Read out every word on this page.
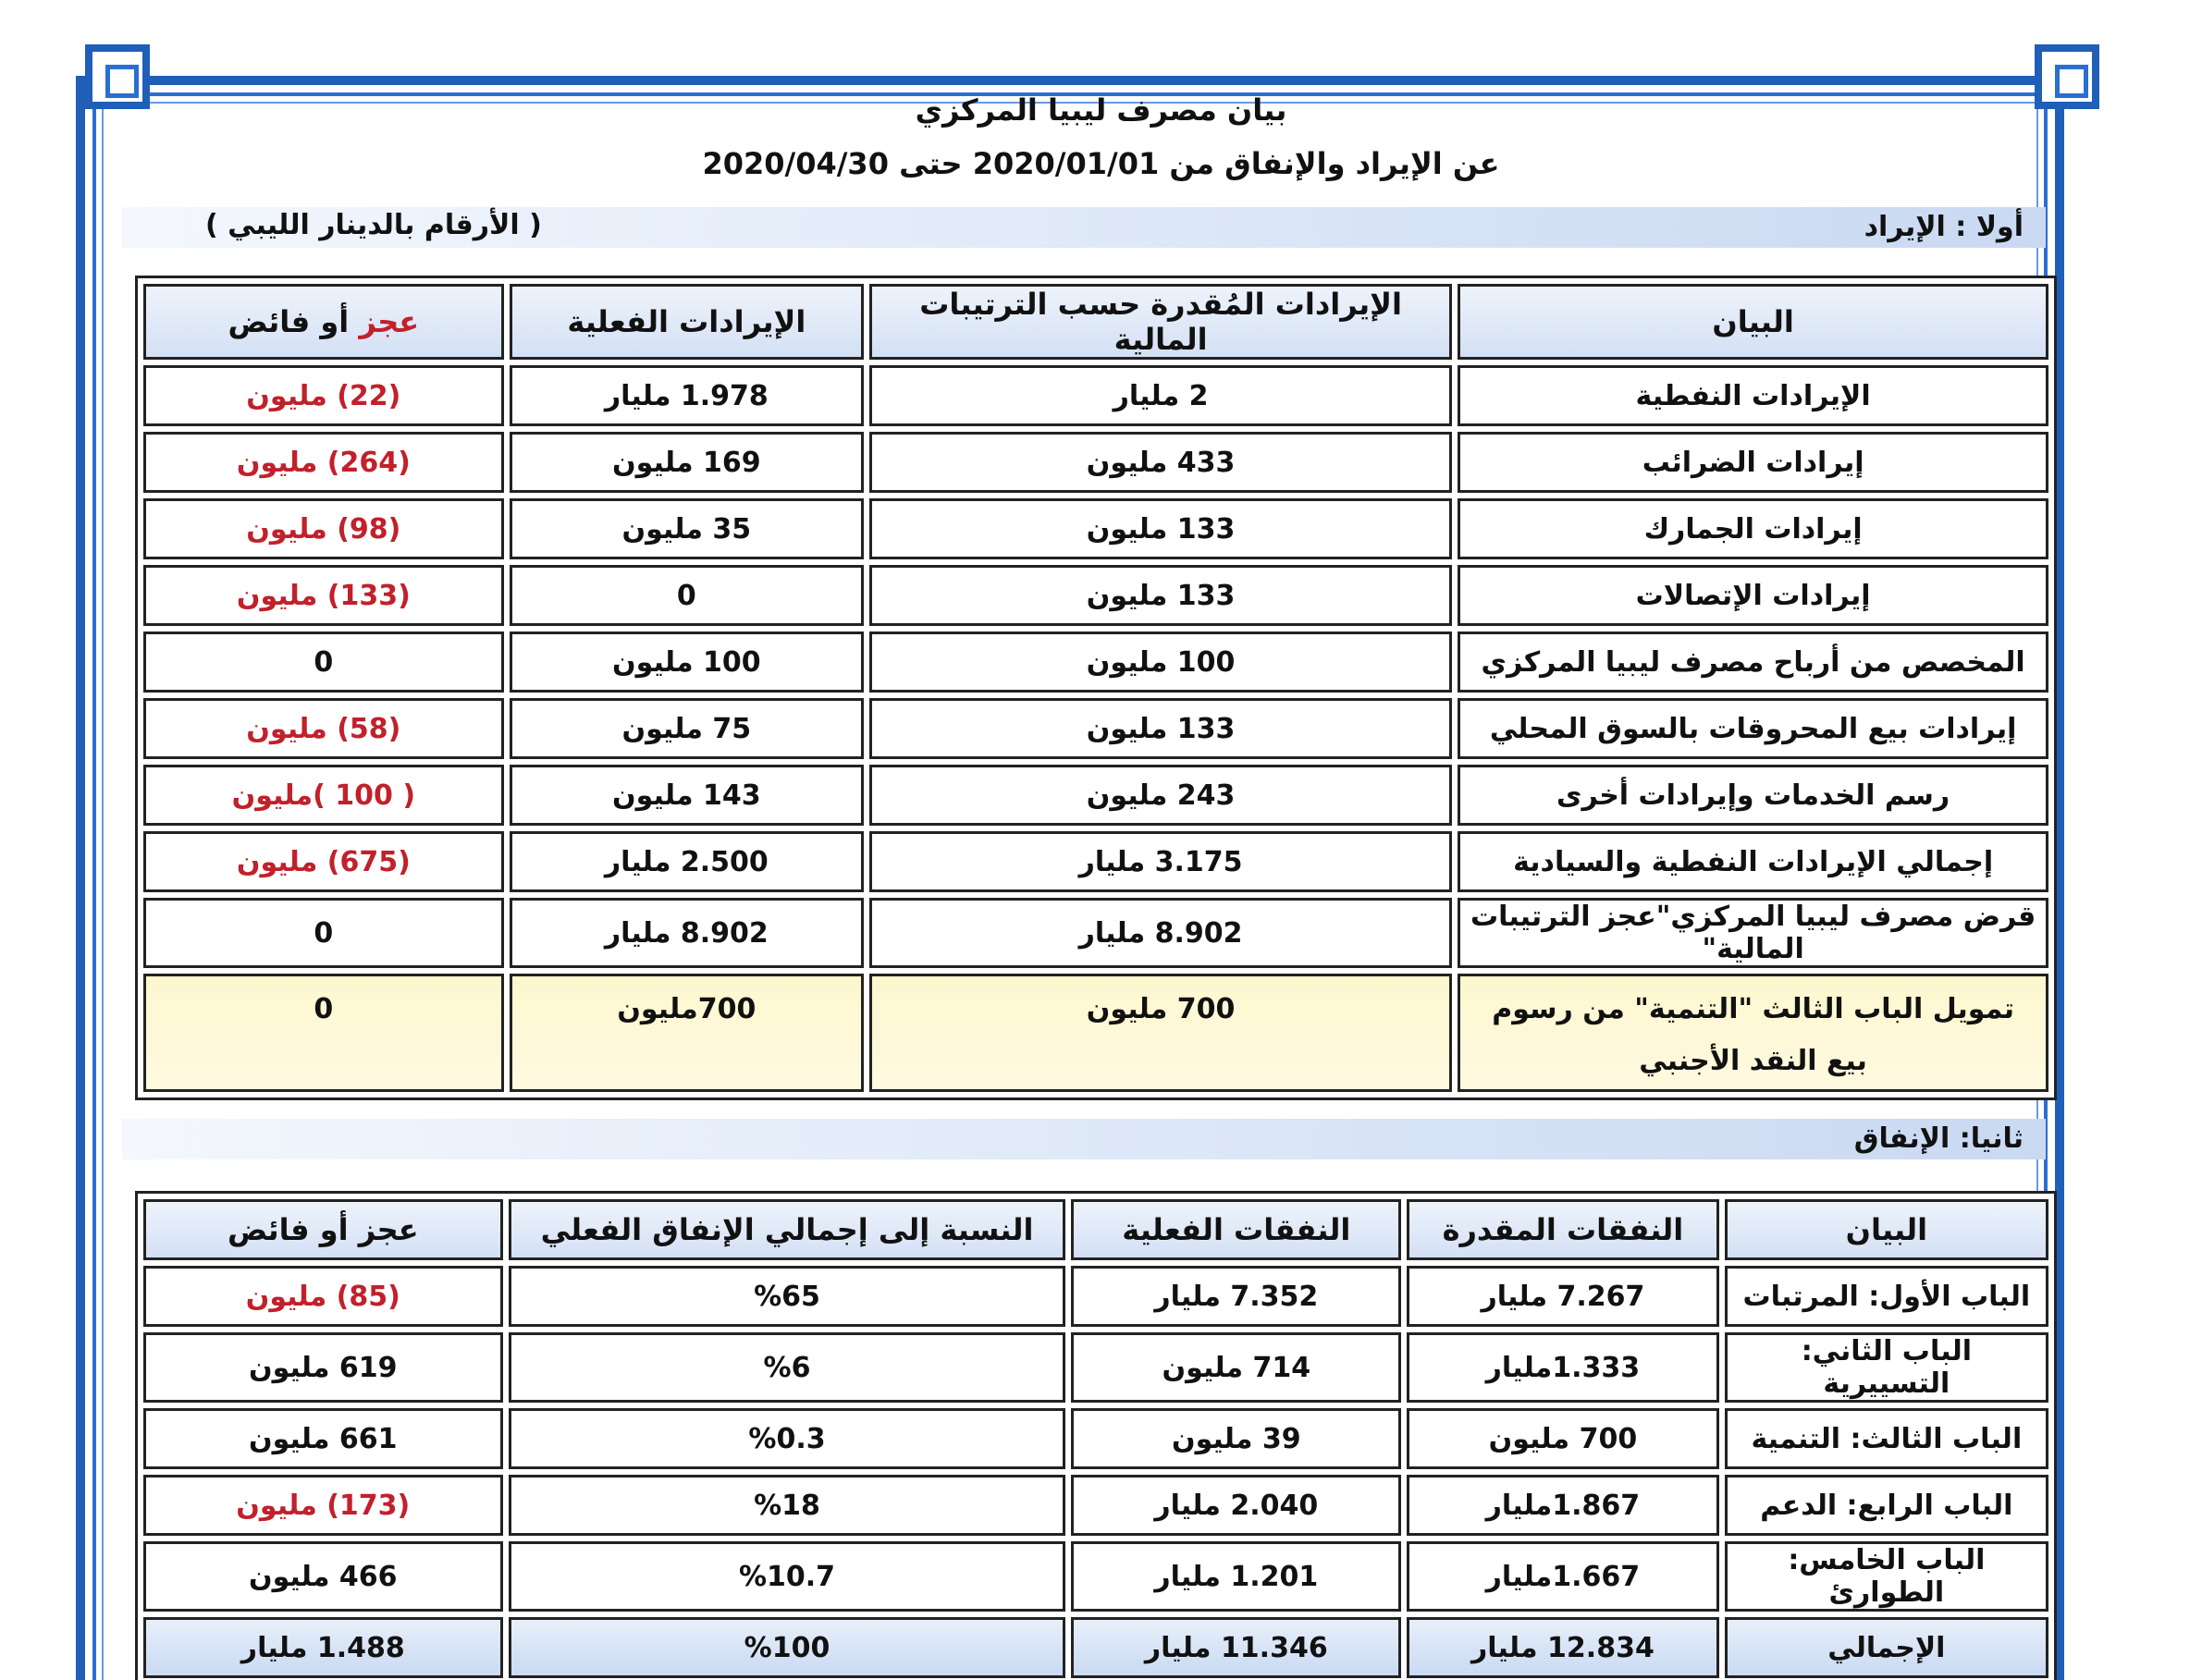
بيان مصرف ليبيا المركزي
عن الإيراد والإنفاق من 2020/01/01 حتى 2020/04/30
أولا : الإيراد
( الأرقام بالدينار الليبي )
البيان	الإيرادات المُقدرة حسب الترتيبات المالية	الإيرادات الفعلية	عجز أو فائض
الإيرادات النفطية	2 مليار	1.978 مليار	(22) مليون
إيرادات الضرائب	433 مليون	169 مليون	(264) مليون
إيرادات الجمارك	133 مليون	35 مليون	(98) مليون
إيرادات الإتصالات	133 مليون	0	(133) مليون
المخصص من أرباح مصرف ليبيا المركزي	100 مليون	100 مليون	0
إيرادات بيع المحروقات بالسوق المحلي	133 مليون	75 مليون	(58) مليون
رسم الخدمات وإيرادات أخرى	243 مليون	143 مليون	( 100 )مليون
إجمالي الإيرادات النفطية والسيادية	3.175 مليار	2.500 مليار	(675) مليون
قرض مصرف ليبيا المركزي"عجز الترتيبات المالية"	8.902 مليار	8.902 مليار	0
تمويل الباب الثالث "التنمية" من رسوم بيع النقد الأجنبي	700 مليون	700مليون	0
ثانيا: الإنفاق
البيان	النفقات المقدرة	النفقات الفعلية	النسبة إلى إجمالي الإنفاق الفعلي	عجز أو فائض
الباب الأول: المرتبات	7.267 مليار	7.352 مليار	%65	(85) مليون
الباب الثاني: التسييرية	1.333مليار	714 مليون	%6	619 مليون
الباب الثالث: التنمية	700 مليون	39 مليون	%0.3	661 مليون
الباب الرابع: الدعم	1.867مليار	2.040 مليار	%18	(173) مليون
الباب الخامس: الطوارئ	1.667مليار	1.201 مليار	%10.7	466 مليون
الإجمالي	12.834 مليار	11.346 مليار	%100	1.488 مليار
